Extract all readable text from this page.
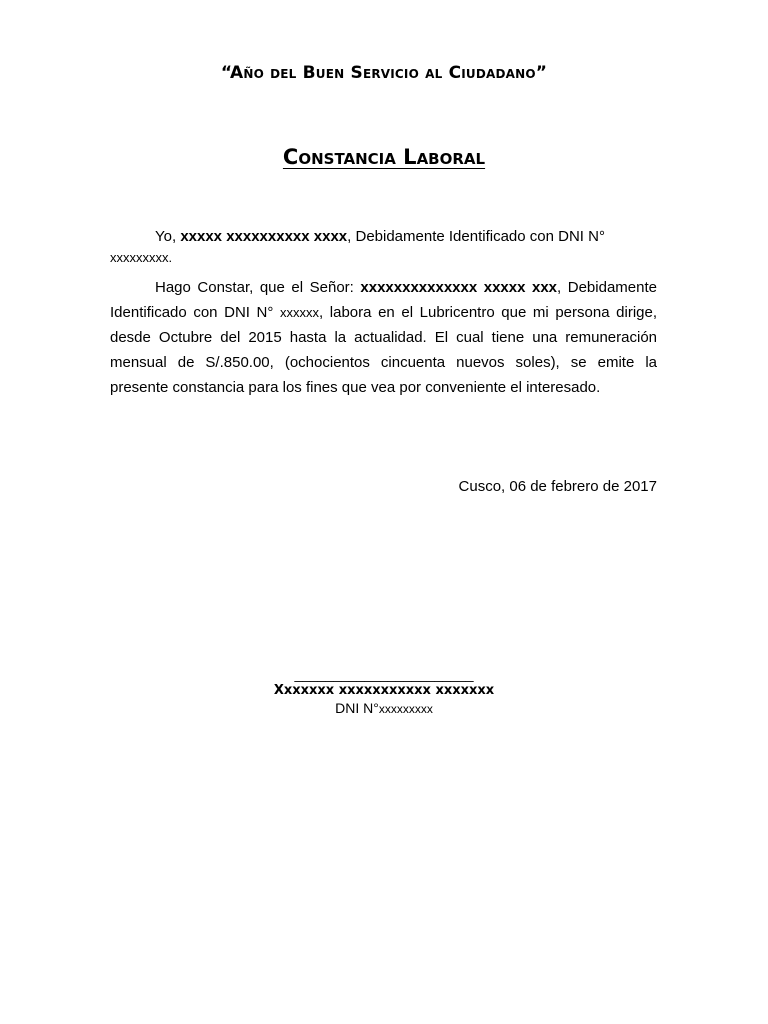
“Año del Buen Servicio al Ciudadano”
Constancia Laboral
Yo, xxxxx xxxxxxxxxx xxxx, Debidamente Identificado con DNI N°
xxxxxxxxx.
Hago Constar, que el Señor: xxxxxxxxxxxxxx xxxxx xxx, Debidamente Identificado con DNI N° xxxxxx, labora en el Lubricentro que mi persona dirige, desde Octubre del 2015 hasta la actualidad. El cual tiene una remuneración mensual de S/.850.00, (ochocientos cincuenta nuevos soles), se emite la presente constancia para los fines que vea por conveniente el interesado.
Cusco, 06 de febrero de 2017
_______________________
Xxxxxxx xxxxxxxxxxx xxxxxxx
DNI N°xxxxxxxxx
